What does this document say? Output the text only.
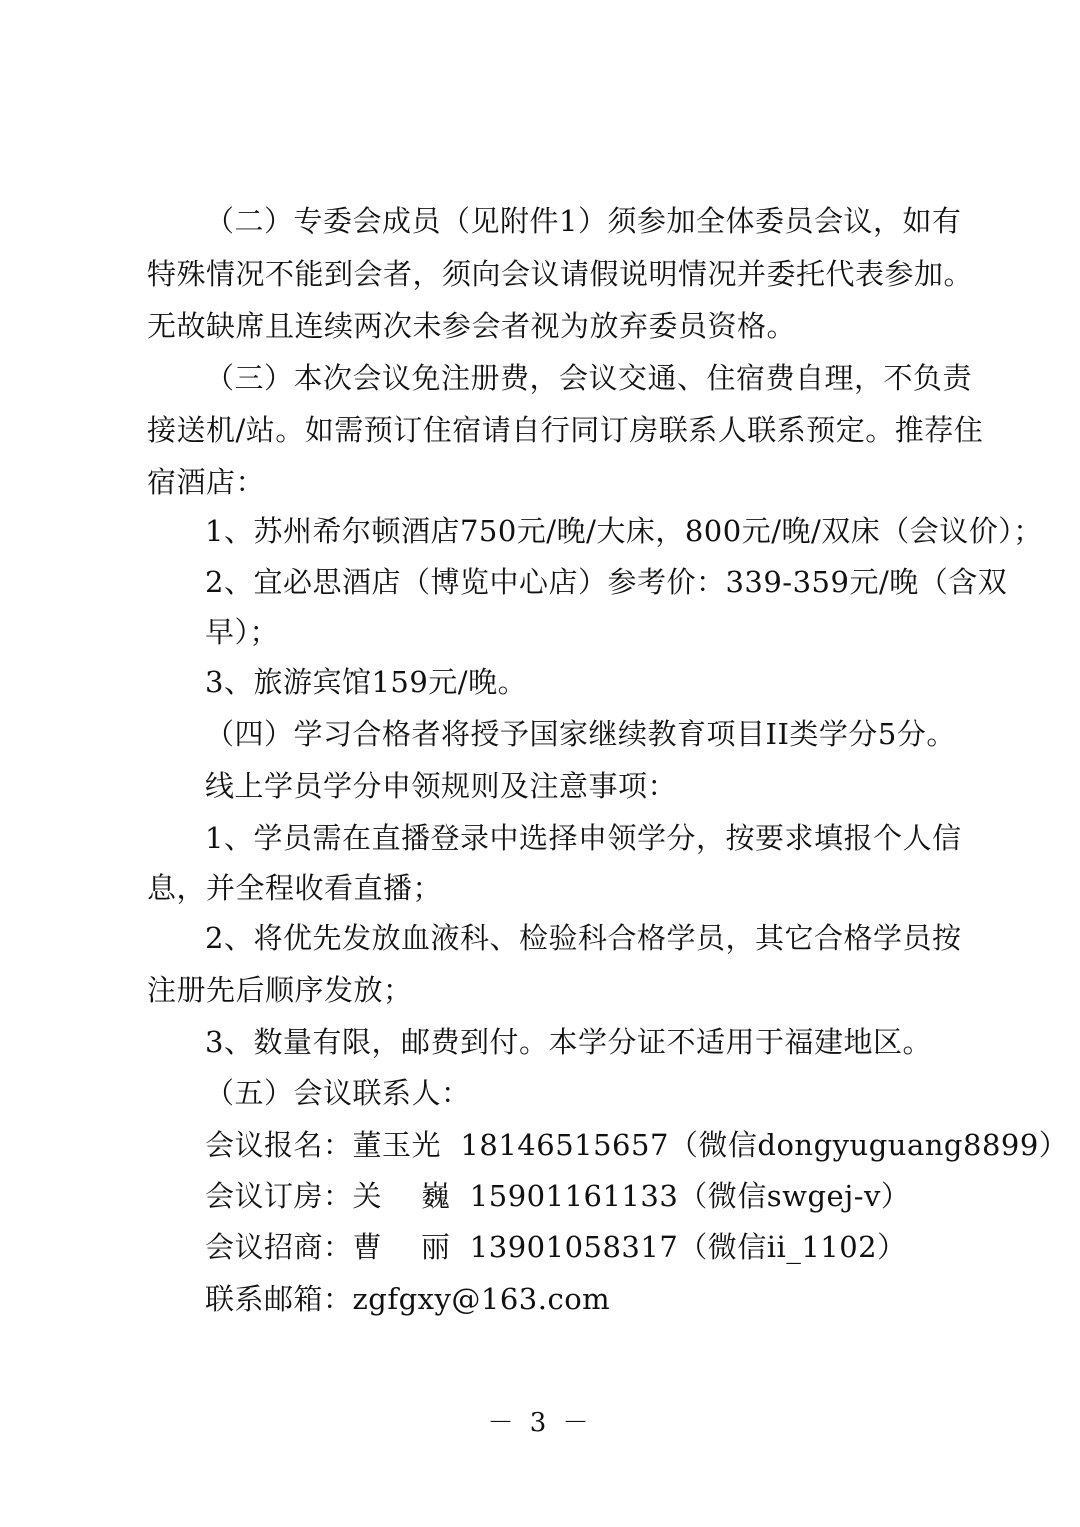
（二）专委会成员（见附件1）须参加全体委员会议，如有
特殊情况不能到会者，须向会议请假说明情况并委托代表参加。
无故缺席且连续两次未参会者视为放弃委员资格。
（三）本次会议免注册费，会议交通、住宿费自理，不负责
接送机/站。如需预订住宿请自行同订房联系人联系预定。推荐住
宿酒店：
1、苏州希尔顿酒店750元/晚/大床，800元/晚/双床（会议价）；
2、宜必思酒店（博览中心店）参考价：339-359元/晚（含双
早）；
3、旅游宾馆159元/晚。
（四）学习合格者将授予国家继续教育项目II类学分5分。
线上学员学分申领规则及注意事项：
1、学员需在直播登录中选择申领学分，按要求填报个人信
息，并全程收看直播；
2、将优先发放血液科、检验科合格学员，其它合格学员按
注册先后顺序发放；
3、数量有限，邮费到付。本学分证不适用于福建地区。
（五）会议联系人：
会议报名：董玉光  18146515657（微信dongyuguang8899）
会议订房：关    巍  15901161133（微信swgej-v）
会议招商：曹    丽  13901058317（微信ii_1102）
联系邮箱：zgfgxy@163.com
－ 3 －
